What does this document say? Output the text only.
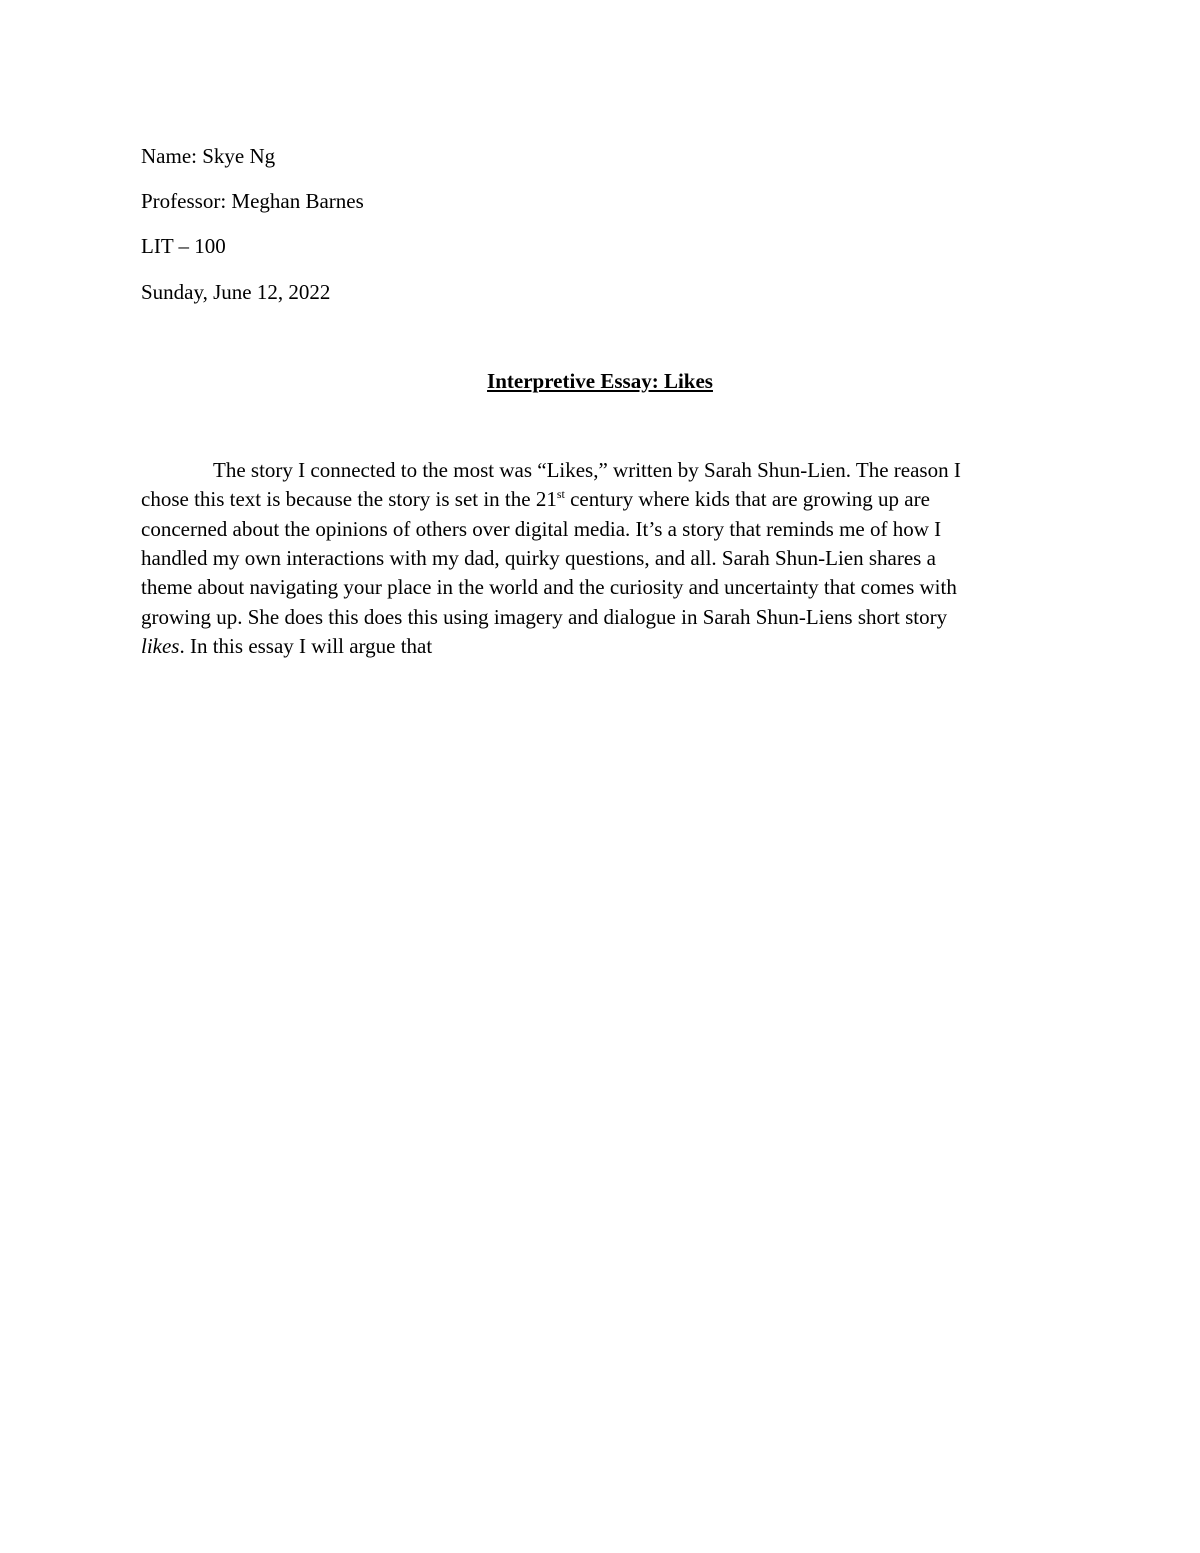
Name: Skye Ng
Professor: Meghan Barnes
LIT – 100
Sunday, June 12, 2022
Interpretive Essay: Likes
The story I connected to the most was “Likes,” written by Sarah Shun-Lien. The reason I
chose this text is because the story is set in the 21st century where kids that are growing up are
concerned about the opinions of others over digital media. It’s a story that reminds me of how I
handled my own interactions with my dad, quirky questions, and all. Sarah Shun-Lien shares a
theme about navigating your place in the world and the curiosity and uncertainty that comes with
growing up. She does this does this using imagery and dialogue in Sarah Shun-Liens short story
likes. In this essay I will argue that
